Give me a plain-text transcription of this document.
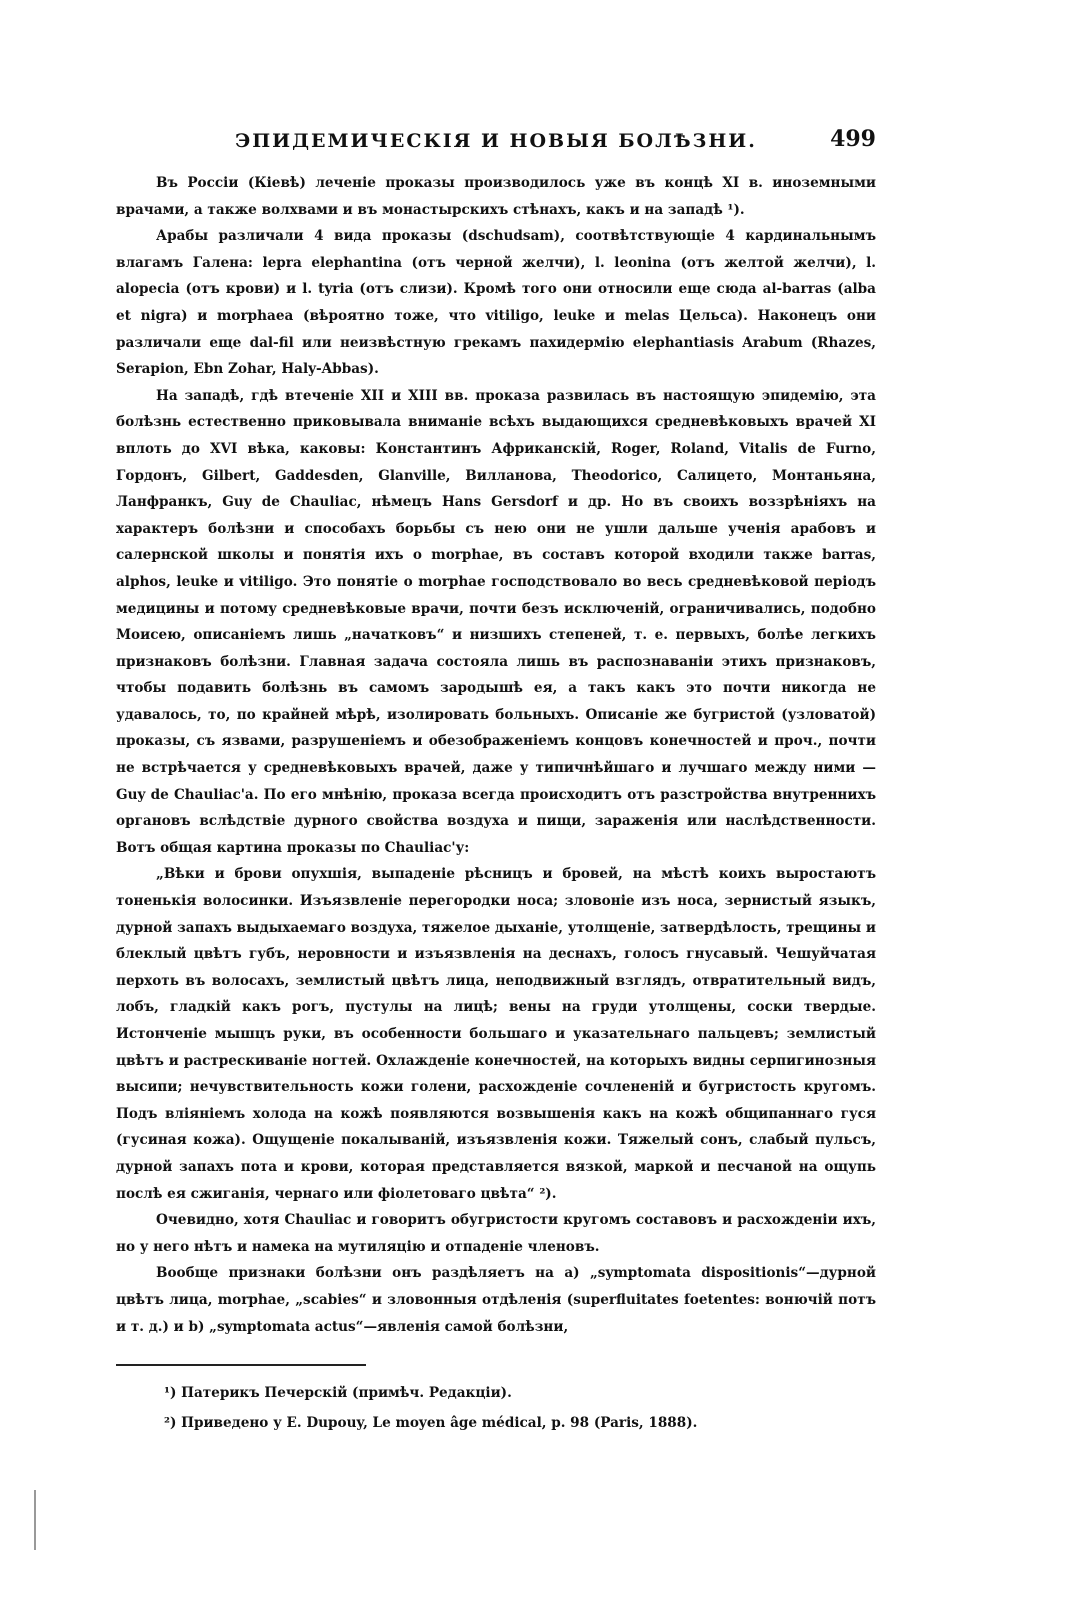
ЭПИДЕМИЧЕСКІЯ И НОВЫЯ БОЛѢЗНИ.	499

Въ Россіи (Кіевѣ) леченіе проказы производилось уже въ концѣ XI в. иноземными врачами, а также волхвами и въ монастырскихъ стѣнахъ, какъ и на западѣ ¹).

Арабы различали 4 вида проказы (dschudsam), соотвѣтствующіе 4 кардинальнымъ влагамъ Галена: lepra elephantina (отъ черной желчи), l. leonina (отъ желтой желчи), l. alopecia (отъ крови) и l. tyria (отъ слизи). Кромѣ того они относили еще сюда al-barras (alba et nigra) и morphaea (вѣроятно тоже, что vitiligo, leuke и melas Цельса). Наконецъ они различали еще dal-fil или неизвѣстную грекамъ пахидермію elephantiasis Arabum (Rhazes, Serapion, Ebn Zohar, Haly-Abbas).

На западѣ, гдѣ втеченіе XII и XIII вв. проказа развилась въ настоящую эпидемію, эта болѣзнь естественно приковывала вниманіе всѣхъ выдающихся средневѣковыхъ врачей XI вплоть до XVI вѣка, каковы: Константинъ Африканскій, Roger, Roland, Vitalis de Furno, Гордонъ, Gilbert, Gaddesden, Glanville, Вилланова, Theodorico, Салицето, Монтаньяна, Ланфранкъ, Guy de Chauliac, нѣмецъ Hans Gersdorf и др. Но въ своихъ воззрѣніяхъ на характеръ болѣзни и способахъ борьбы съ нею они не ушли дальше ученія арабовъ и салернской школы и понятія ихъ о morphae, въ составъ которой входили также barras, alphos, leuke и vitiligo. Это понятіе о morphae господствовало во весь средневѣковой періодъ медицины и потому средневѣковые врачи, почти безъ исключеній, ограничивались, подобно Моисею, описаніемъ лишь „начатковъ“ и низшихъ степеней, т. е. первыхъ, болѣе легкихъ признаковъ болѣзни. Главная задача состояла лишь въ распознаваніи этихъ признаковъ, чтобы подавить болѣзнь въ самомъ зародышѣ ея, а такъ какъ это почти никогда не удавалось, то, по крайней мѣрѣ, изолировать больныхъ. Описаніе же бугристой (узловатой) проказы, съ язвами, разрушеніемъ и обезображеніемъ концовъ конечностей и проч., почти не встрѣчается у средневѣковыхъ врачей, даже у типичнѣйшаго и лучшаго между ними — Guy de Chauliac'а. По его мнѣнію, проказа всегда происходитъ отъ разстройства внутреннихъ органовъ вслѣдствіе дурного свойства воздуха и пищи, зараженія или наслѣдственности. Вотъ общая картина проказы по Chauliac'у:

„Вѣки и брови опухшія, выпаденіе рѣсницъ и бровей, на мѣстѣ коихъ выростаютъ тоненькія волосинки. Изъязвленіе перегородки носа; зловоніе изъ носа, зернистый языкъ, дурной запахъ выдыхаемаго воздуха, тяжелое дыханіе, утолщеніе, затвердѣлость, трещины и блеклый цвѣтъ губъ, неровности и изъязвленія на деснахъ, голосъ гнусавый. Чешуйчатая перхоть въ волосахъ, землистый цвѣтъ лица, неподвижный взглядъ, отвратительный видъ, лобъ, гладкій какъ рогъ, пустулы на лицѣ; вены на груди утолщены, соски твердые. Истонченіе мышцъ руки, въ особенности большаго и указательнаго пальцевъ; землистый цвѣтъ и растрескиваніе ногтей. Охлажденіе конечностей, на которыхъ видны серпигинозныя высипи; нечувствительность кожи голени, расхожденіе сочлененій и бугристость кругомъ. Подъ вліяніемъ холода на кожѣ появляются возвышенія какъ на кожѣ общипаннаго гуся (гусиная кожа). Ощущеніе покалываній, изъязвленія кожи. Тяжелый сонъ, слабый пульсъ, дурной запахъ пота и крови, которая представляется вязкой, маркой и песчаной на ощупь послѣ ея сжиганія, чернаго или фіолетоваго цвѣта“ ²).

Очевидно, хотя Chauliac и говоритъ обугристости кругомъ составовъ и расхожденіи ихъ, но у него нѣтъ и намека на мутиляцію и отпаденіе членовъ.

Вообще признаки болѣзни онъ раздѣляетъ на a) „symptomata dispositionis“—дурной цвѣтъ лица, morphae, „scabies“ и зловонныя отдѣленія (superfluitates foetentes: вонючій потъ и т. д.) и b) „symptomata actus“—явленія самой болѣзни,

¹) Патерикъ Печерскій (примѣч. Редакціи).

²) Приведено у E. Dupouy, Le moyen âge médical, p. 98 (Paris, 1888).
